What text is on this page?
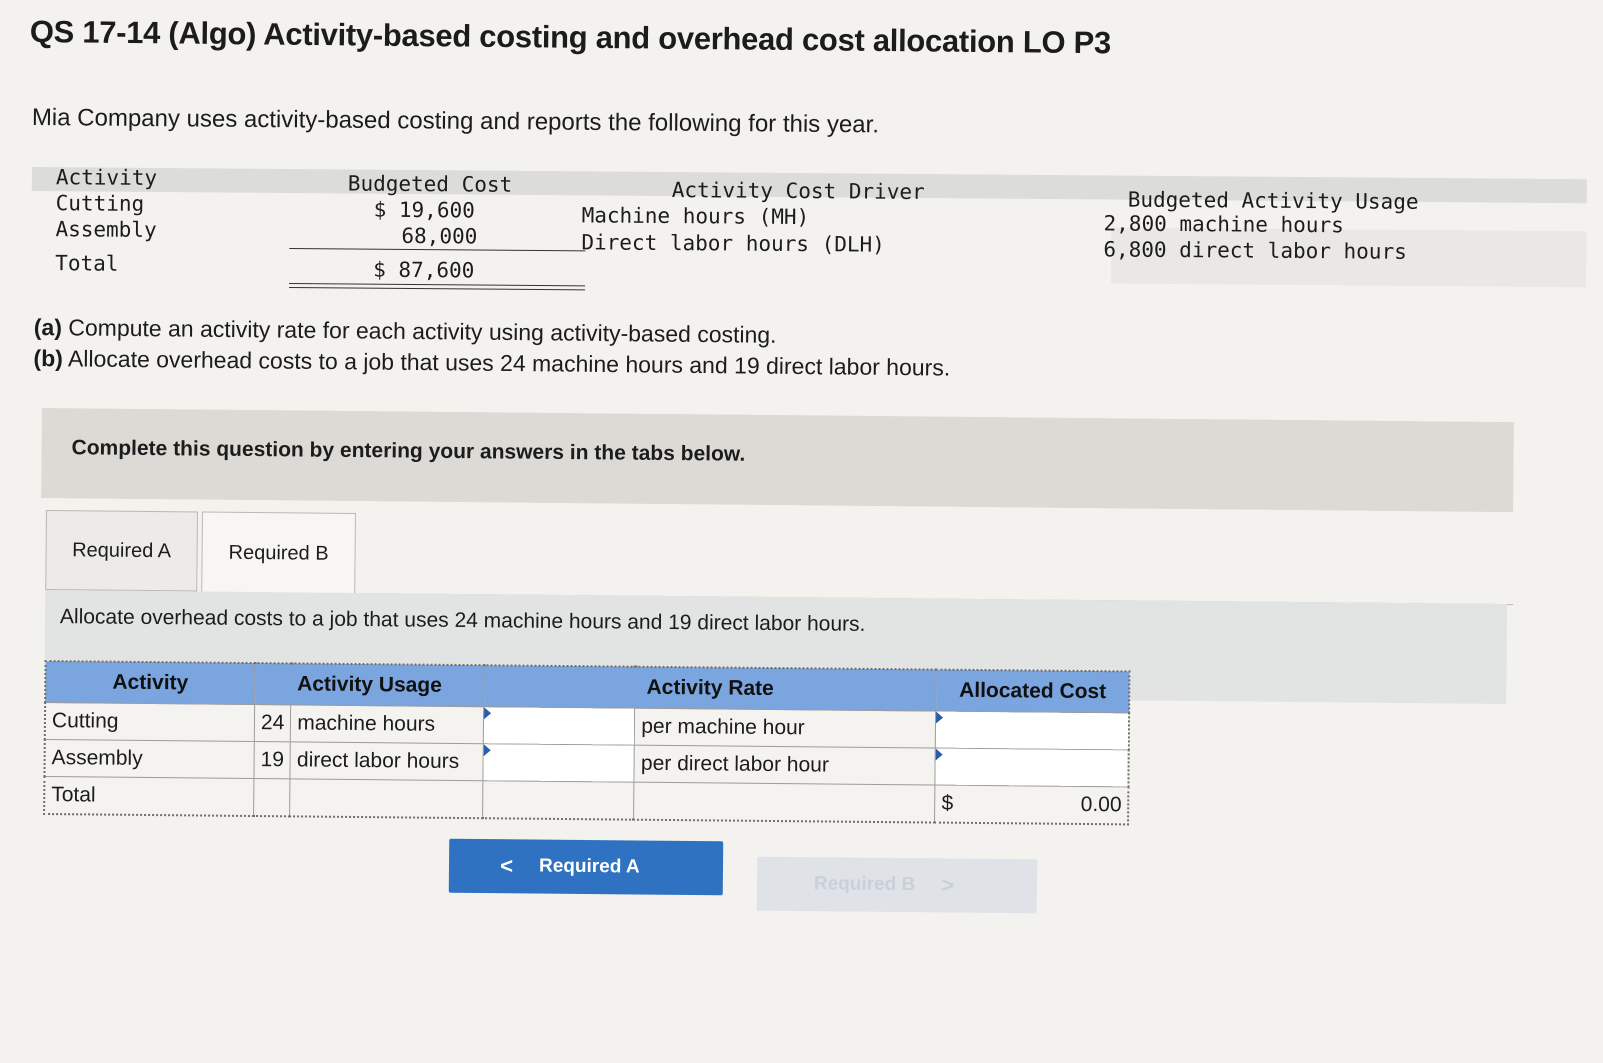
QS 17-14 (Algo) Activity-based costing and overhead cost allocation LO P3
Mia Company uses activity-based costing and reports the following for this year.
Activity	Budgeted Cost	Activity Cost Driver	Budgeted Activity Usage
Cutting	$ 19,600	Machine hours (MH)	2,800 machine hours
Assembly	68,000	Direct labor hours (DLH)	6,800 direct labor hours
Total	$ 87,600
(a) Compute an activity rate for each activity using activity-based costing.
(b) Allocate overhead costs to a job that uses 24 machine hours and 19 direct labor hours.
Complete this question by entering your answers in the tabs below.
Required A	Required B
Allocate overhead costs to a job that uses 24 machine hours and 19 direct labor hours.
Activity	Activity Usage		Activity Rate		Allocated Cost
Cutting	24	machine hours		per machine hour	
Assembly	19	direct labor hours		per direct labor hour	
Total					$ 0.00
< Required A
Required B >
